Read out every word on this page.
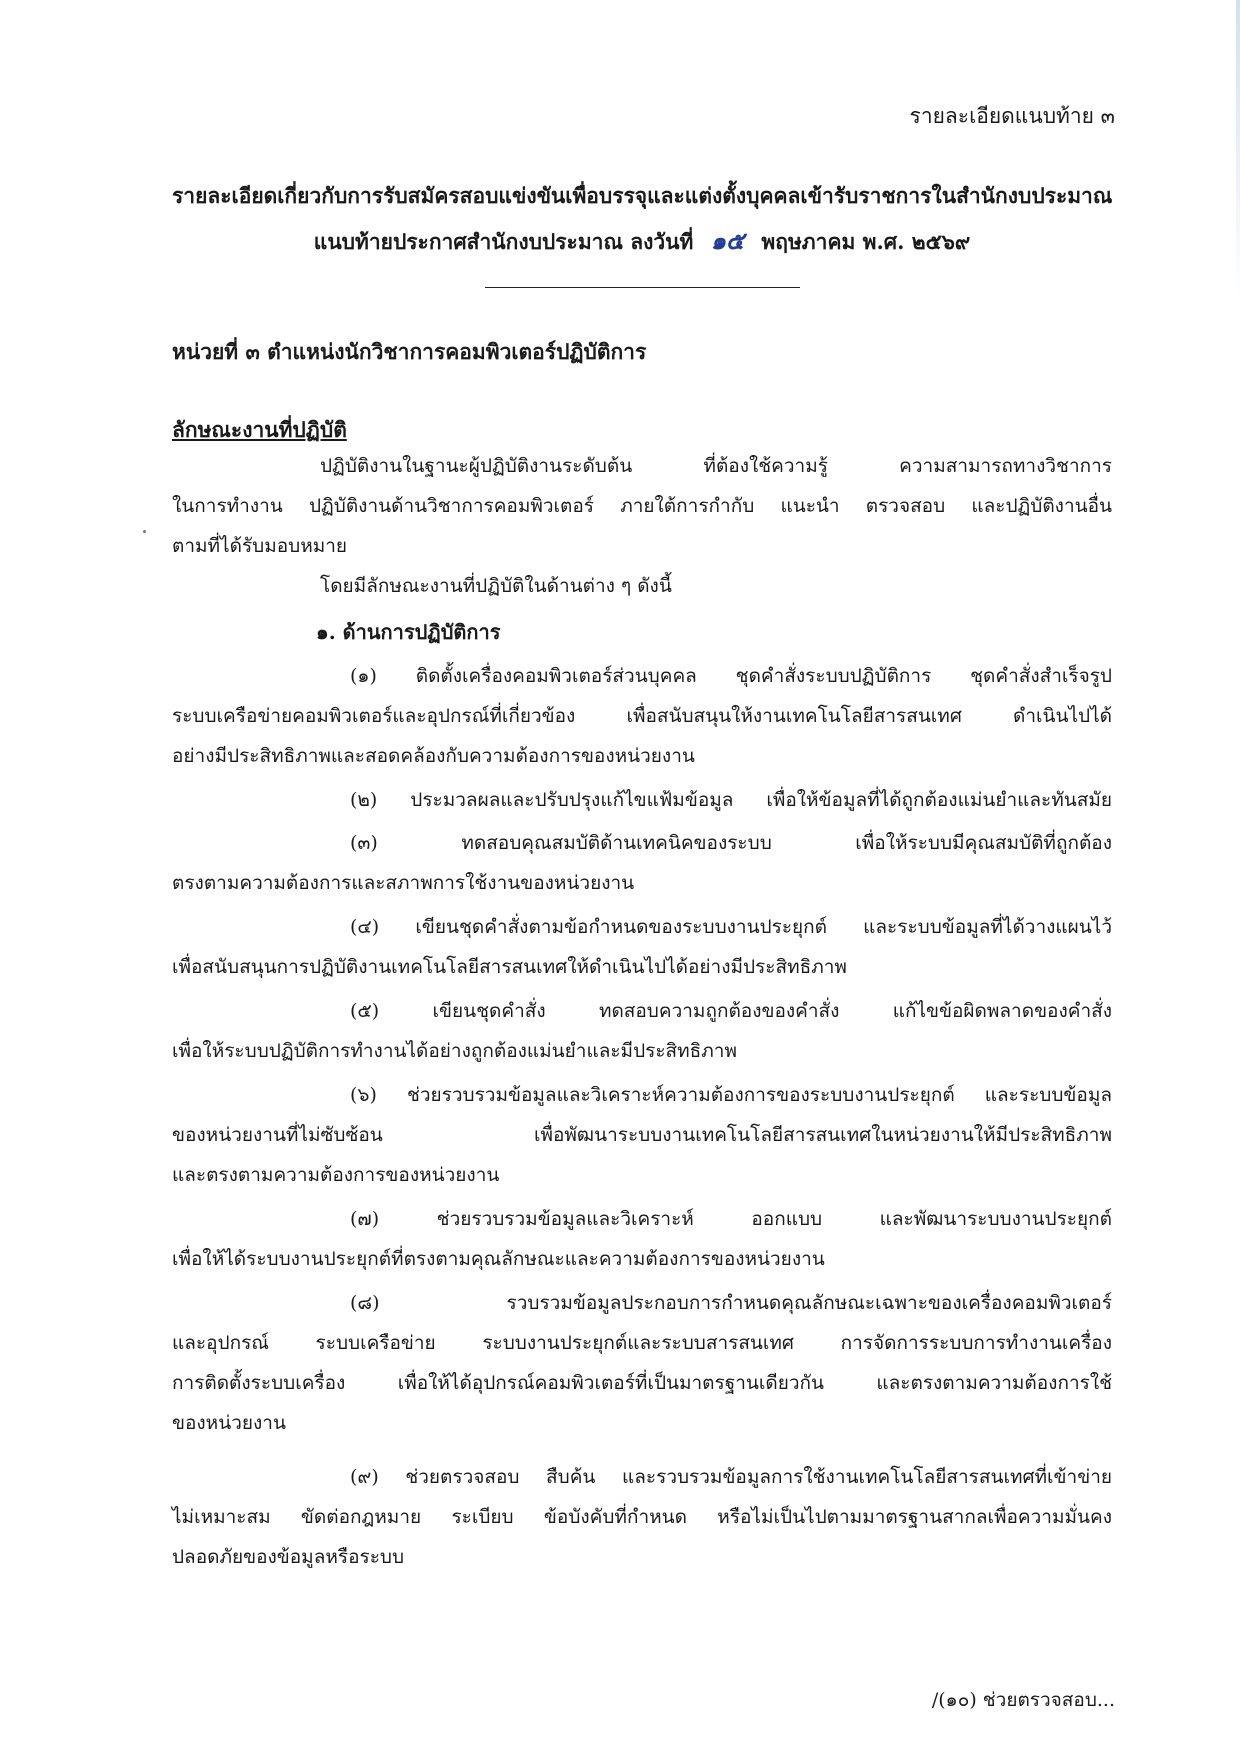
รายละเอียดแนบท้าย ๓
รายละเอียดเกี่ยวกับการรับสมัครสอบแข่งขันเพื่อบรรจุและแต่งตั้งบุคคลเข้ารับราชการในสำนักงบประมาณ
แนบท้ายประกาศสำนักงบประมาณ ลงวันที่ ๑๕ พฤษภาคม พ.ศ. ๒๕๖๙
หน่วยที่ ๓ ตำแหน่งนักวิชาการคอมพิวเตอร์ปฏิบัติการ
ลักษณะงานที่ปฏิบัติ
ปฏิบัติงานในฐานะผู้ปฏิบัติงานระดับต้น ที่ต้องใช้ความรู้ ความสามารถทางวิชาการ
ในการทำงาน ปฏิบัติงานด้านวิชาการคอมพิวเตอร์ ภายใต้การกำกับ แนะนำ ตรวจสอบ และปฏิบัติงานอื่น
ตามที่ได้รับมอบหมาย
โดยมีลักษณะงานที่ปฏิบัติในด้านต่าง ๆ ดังนี้
๑. ด้านการปฏิบัติการ
(๑) ติดตั้งเครื่องคอมพิวเตอร์ส่วนบุคคล ชุดคำสั่งระบบปฏิบัติการ ชุดคำสั่งสำเร็จรูป
ระบบเครือข่ายคอมพิวเตอร์และอุปกรณ์ที่เกี่ยวข้อง เพื่อสนับสนุนให้งานเทคโนโลยีสารสนเทศ ดำเนินไปได้
อย่างมีประสิทธิภาพและสอดคล้องกับความต้องการของหน่วยงาน
(๒) ประมวลผลและปรับปรุงแก้ไขแฟ้มข้อมูล เพื่อให้ข้อมูลที่ได้ถูกต้องแม่นยำและทันสมัย
(๓) ทดสอบคุณสมบัติด้านเทคนิคของระบบ เพื่อให้ระบบมีคุณสมบัติที่ถูกต้อง
ตรงตามความต้องการและสภาพการใช้งานของหน่วยงาน
(๔) เขียนชุดคำสั่งตามข้อกำหนดของระบบงานประยุกต์ และระบบข้อมูลที่ได้วางแผนไว้
เพื่อสนับสนุนการปฏิบัติงานเทคโนโลยีสารสนเทศให้ดำเนินไปได้อย่างมีประสิทธิภาพ
(๕) เขียนชุดคำสั่ง ทดสอบความถูกต้องของคำสั่ง แก้ไขข้อผิดพลาดของคำสั่ง
เพื่อให้ระบบปฏิบัติการทำงานได้อย่างถูกต้องแม่นยำและมีประสิทธิภาพ
(๖) ช่วยรวบรวมข้อมูลและวิเคราะห์ความต้องการของระบบงานประยุกต์ และระบบข้อมูล
ของหน่วยงานที่ไม่ซับซ้อน เพื่อพัฒนาระบบงานเทคโนโลยีสารสนเทศในหน่วยงานให้มีประสิทธิภาพ
และตรงตามความต้องการของหน่วยงาน
(๗) ช่วยรวบรวมข้อมูลและวิเคราะห์ ออกแบบ และพัฒนาระบบงานประยุกต์
เพื่อให้ได้ระบบงานประยุกต์ที่ตรงตามคุณลักษณะและความต้องการของหน่วยงาน
(๘) รวบรวมข้อมูลประกอบการกำหนดคุณลักษณะเฉพาะของเครื่องคอมพิวเตอร์
และอุปกรณ์ ระบบเครือข่าย ระบบงานประยุกต์และระบบสารสนเทศ การจัดการระบบการทำงานเครื่อง
การติดตั้งระบบเครื่อง เพื่อให้ได้อุปกรณ์คอมพิวเตอร์ที่เป็นมาตรฐานเดียวกัน และตรงตามความต้องการใช้
ของหน่วยงาน
(๙) ช่วยตรวจสอบ สืบค้น และรวบรวมข้อมูลการใช้งานเทคโนโลยีสารสนเทศที่เข้าข่าย
ไม่เหมาะสม ขัดต่อกฎหมาย ระเบียบ ข้อบังคับที่กำหนด หรือไม่เป็นไปตามมาตรฐานสากลเพื่อความมั่นคง
ปลอดภัยของข้อมูลหรือระบบ
/(๑๐) ช่วยตรวจสอบ...
